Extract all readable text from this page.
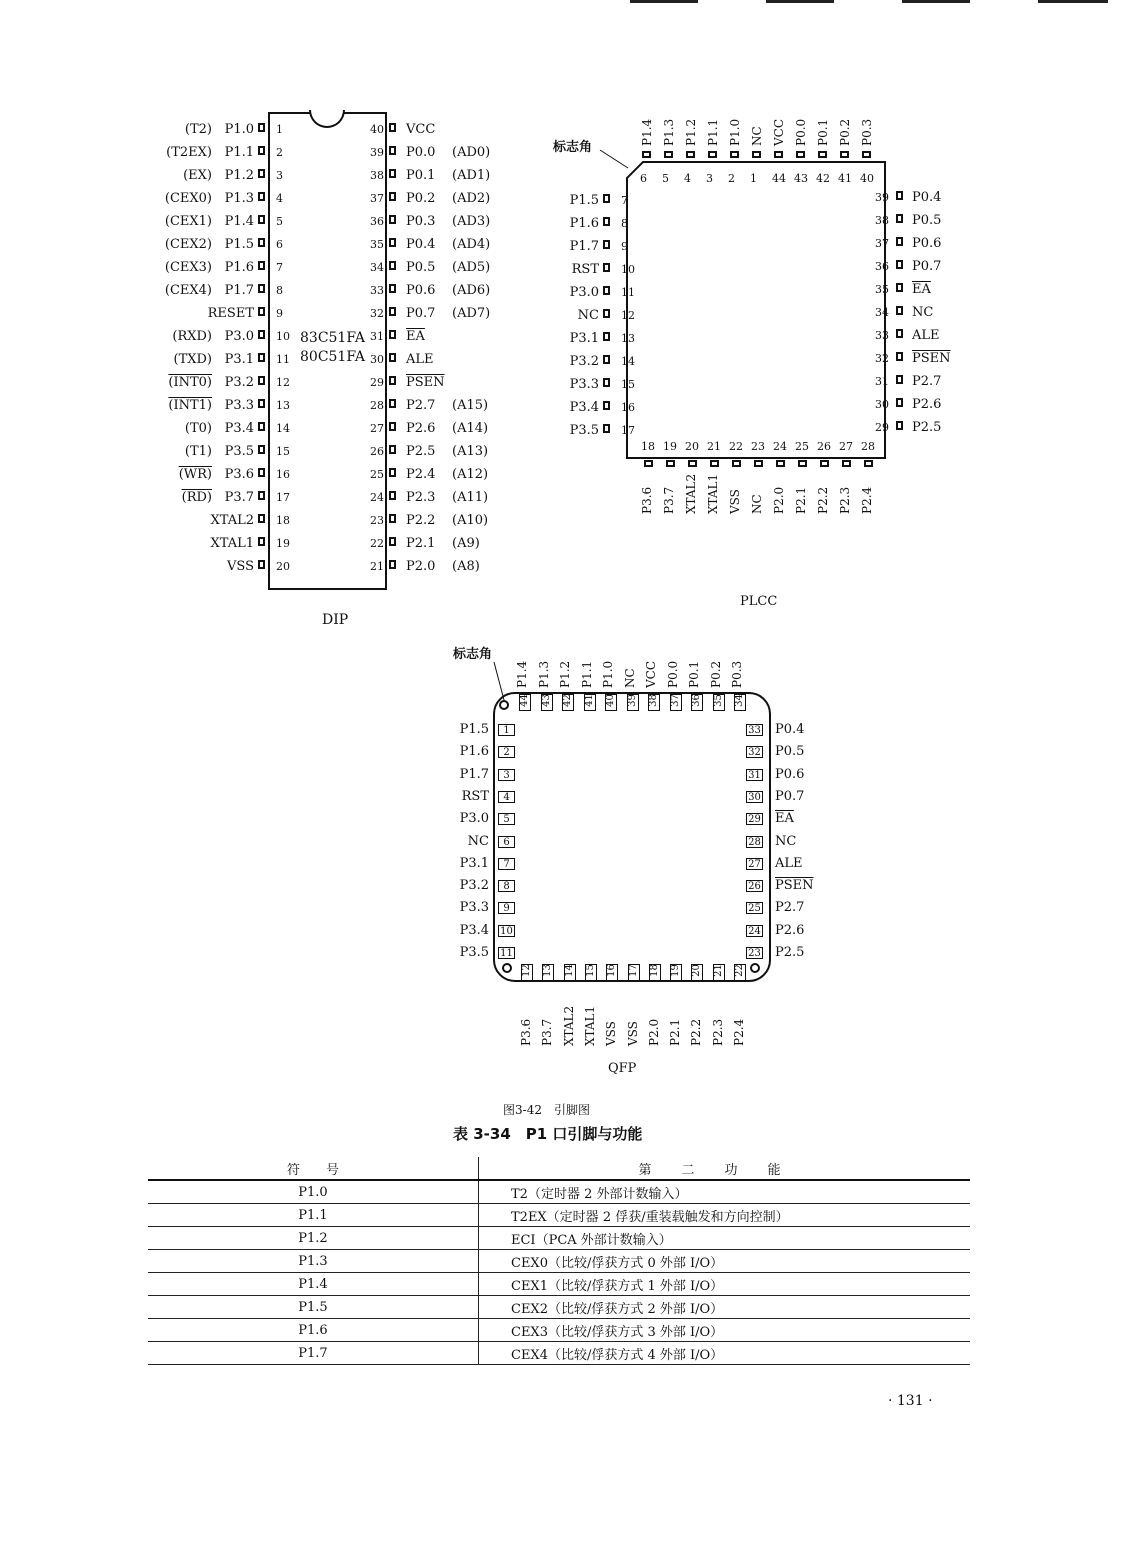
83C51FA
80C51FA
1
P1.0
(T2)
2
P1.1
(T2EX)
3
P1.2
(EX)
4
P1.3
(CEX0)
5
P1.4
(CEX1)
6
P1.5
(CEX2)
7
P1.6
(CEX3)
8
P1.7
(CEX4)
9
RESET
10
P3.0
(RXD)
11
P3.1
(TXD)
12
P3.2
(INT0)
13
P3.3
(INT1)
14
P3.4
(T0)
15
P3.5
(T1)
16
P3.6
(WR)
17
P3.7
(RD)
18
XTAL2
19
XTAL1
20
VSS
40 VCC
39 P0.0 (AD0)
38 P0.1 (AD1)
37 P0.2 (AD2)
36 P0.3 (AD3)
35 P0.4 (AD4)
34 P0.5 (AD5)
33 P0.6 (AD6)
32 P0.7 (AD7)
31 $\overline{EA}$
30 ALE
29 PSEN
28 P2.7 (A15)
27 P2.6 (A14)
26 P2.5 (A13)
25 P2.4 (A12)
24 P2.3 (A11)
23 P2.2 (A10)
22 P2.1 (A9)
21 P2.0 (A8)
DIP
标志角
6
P1.4
5
P1.3
4
P1.2
3
P1.1
2
P1.0
1
NC
44
VCC
43
P0.0
42
P0.1
41
P0.2
40
P0.3
7
P1.5
8
P1.6
9
P1.7
10
RST
11
P3.0
12
NC
13
P3.1
14
P3.2
15
P3.3
16
P3.4
17
P3.5
39 P0.4
38 P0.5
37 P0.6
36 P0.7
35 $\overline{EA}$
34 NC
33 ALE
32 PSEN
31 P2.7
30 P2.6
29 P2.5
18
P3.6
19
P3.7
20
XTAL2
21
XTAL1
22
VSS
23
NC
24
P2.0
25
P2.1
26
P2.2
27
P2.3
28
P2.4
PLCC
标志角
P1.4
44
P1.3
43
P1.2
42
P1.1
41
P1.0
40
NC
39
VCC
38
P0.0
37
P0.1
36
P0.2
35
P0.3
34
1
P1.5
2
P1.6
3
P1.7
4
RST
5
P3.0
6
NC
7
P3.1
8
P3.2
9
P3.3
10
P3.4
11
P3.5
33 P0.4
32 P0.5
31 P0.6
30 P0.7
29 $\overline{EA}$
28 NC
27 ALE
26 PSEN
25 P2.7
24 P2.6
23 P2.5
12
P3.6
13
P3.7
14
XTAL2
15
XTAL1
16
VSS
17
VSS
18
P2.0
19
P2.1
20
P2.2
21
P2.3
22
P2.4
QFP
图3-42　引脚图
表 3-34　P1 口引脚与功能
符　　号	第二功能
P1.0	T2（定时器 2 外部计数输入）
P1.1	T2EX（定时器 2 俘获/重装载触发和方向控制）
P1.2	ECI（PCA 外部计数输入）
P1.3	CEX0（比较/俘获方式 0 外部 I/O）
P1.4	CEX1（比较/俘获方式 1 外部 I/O）
P1.5	CEX2（比较/俘获方式 2 外部 I/O）
P1.6	CEX3（比较/俘获方式 3 外部 I/O）
P1.7	CEX4（比较/俘获方式 4 外部 I/O）
· 131 ·
